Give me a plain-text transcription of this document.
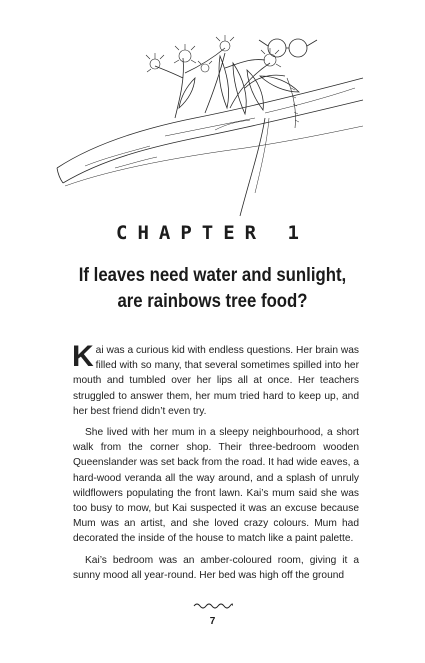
CHAPTER 1
If leaves need water and sunlight,
are rainbows tree food?

Kai was a curious kid with endless questions. Her brain was filled with so many, that several sometimes spilled into her mouth and tumbled over her lips all at once. Her teachers struggled to answer them, her mum tried hard to keep up, and her best friend didn’t even try.

She lived with her mum in a sleepy neighbourhood, a short walk from the corner shop. Their three-bedroom wooden Queenslander was set back from the road. It had wide eaves, a hard-wood veranda all the way around, and a splash of unruly wildflowers populating the front lawn. Kai’s mum said she was too busy to mow, but Kai suspected it was an excuse because Mum was an artist, and she loved crazy colours. Mum had decorated the inside of the house to match like a paint palette.

Kai’s bedroom was an amber-coloured room, giving it a sunny mood all year-round. Her bed was high off the ground

7
